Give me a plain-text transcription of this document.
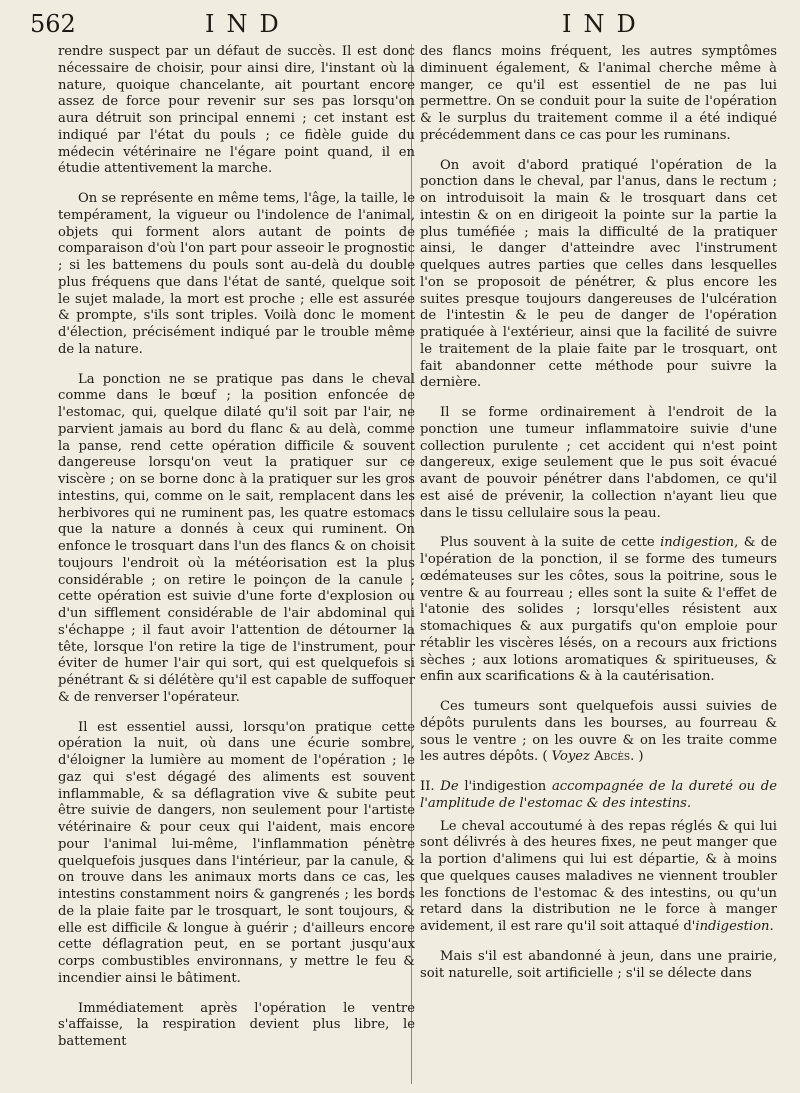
562	IND	IND

rendre suspect par un défaut de succès. Il est donc nécessaire de choisir, pour ainsi dire, l'instant où la nature, quoique chancelante, ait pourtant encore assez de force pour revenir sur ses pas lorsqu'on aura détruit son principal ennemi ; cet instant est indiqué par l'état du pouls ; ce fidèle guide du médecin vétérinaire ne l'égare point quand, il en étudie attentivement la marche.

On se représente en même tems, l'âge, la taille, le tempérament, la vigueur ou l'indolence de l'animal, objets qui forment alors autant de points de comparaison d'où l'on part pour asseoir le prognostic ; si les battemens du pouls sont au-delà du double plus fréquens que dans l'état de santé, quelque soit le sujet malade, la mort est proche ; elle est assurée & prompte, s'ils sont triples. Voilà donc le moment d'élection, précisément indiqué par le trouble même de la nature.

La ponction ne se pratique pas dans le cheval comme dans le bœuf ; la position enfoncée de l'estomac, qui, quelque dilaté qu'il soit par l'air, ne parvient jamais au bord du flanc & au delà, comme la panse, rend cette opération difficile & souvent dangereuse lorsqu'on veut la pratiquer sur ce viscère ; on se borne donc à la pratiquer sur les gros intestins, qui, comme on le sait, remplacent dans les herbivores qui ne ruminent pas, les quatre estomacs que la nature a donnés à ceux qui ruminent. On enfonce le trosquart dans l'un des flancs & on choisit toujours l'endroit où la météorisation est la plus considérable ; on retire le poinçon de la canule ; cette opération est suivie d'une forte d'explosion ou d'un sifflement considérable de l'air abdominal qui s'échappe ; il faut avoir l'attention de détourner la tête, lorsque l'on retire la tige de l'instrument, pour éviter de humer l'air qui sort, qui est quelquefois si pénétrant & si délétère qu'il est capable de suffoquer & de renverser l'opérateur.

Il est essentiel aussi, lorsqu'on pratique cette opération la nuit, où dans une écurie sombre, d'éloigner la lumière au moment de l'opération ; le gaz qui s'est dégagé des aliments est souvent inflammable, & sa déflagration vive & subite peut être suivie de dangers, non seulement pour l'artiste vétérinaire & pour ceux qui l'aident, mais encore pour l'animal lui-même, l'inflammation pénètre quelquefois jusques dans l'intérieur, par la canule, & on trouve dans les animaux morts dans ce cas, les intestins constamment noirs & gangrenés ; les bords de la plaie faite par le trosquart, le sont toujours, & elle est difficile & longue à guérir ; d'ailleurs encore cette déflagration peut, en se portant jusqu'aux corps combustibles environnans, y mettre le feu & incendier ainsi le bâtiment.

Immédiatement après l'opération le ventre s'affaisse, la respiration devient plus libre, le battement

des flancs moins fréquent, les autres symptômes diminuent également, & l'animal cherche même à manger, ce qu'il est essentiel de ne pas lui permettre. On se conduit pour la suite de l'opération & le surplus du traitement comme il a été indiqué précédemment dans ce cas pour les ruminans.

On avoit d'abord pratiqué l'opération de la ponction dans le cheval, par l'anus, dans le rectum ; on introduisoit la main & le trosquart dans cet intestin & on en dirigeoit la pointe sur la partie la plus tuméfiée ; mais la difficulté de la pratiquer ainsi, le danger d'atteindre avec l'instrument quelques autres parties que celles dans lesquelles l'on se proposoit de pénétrer, & plus encore les suites presque toujours dangereuses de l'ulcération de l'intestin & le peu de danger de l'opération pratiquée à l'extérieur, ainsi que la facilité de suivre le traitement de la plaie faite par le trosquart, ont fait abandonner cette méthode pour suivre la dernière.

Il se forme ordinairement à l'endroit de la ponction une tumeur inflammatoire suivie d'une collection purulente ; cet accident qui n'est point dangereux, exige seulement que le pus soit évacué avant de pouvoir pénétrer dans l'abdomen, ce qu'il est aisé de prévenir, la collection n'ayant lieu que dans le tissu cellulaire sous la peau.

Plus souvent à la suite de cette indigestion, & de l'opération de la ponction, il se forme des tumeurs œdémateuses sur les côtes, sous la poitrine, sous le ventre & au fourreau ; elles sont la suite & l'effet de l'atonie des solides ; lorsqu'elles résistent aux stomachiques & aux purgatifs qu'on emploie pour rétablir les viscères lésés, on a recours aux frictions sèches ; aux lotions aromatiques & spiritueuses, & enfin aux scarifications & à la cautérisation.

Ces tumeurs sont quelquefois aussi suivies de dépôts purulents dans les bourses, au fourreau & sous le ventre ; on les ouvre & on les traite comme les autres dépôts. ( Voyez Abcès. )

II. De l'indigestion accompagnée de la dureté ou de l'amplitude de l'estomac & des intestins.

Le cheval accoutumé à des repas réglés & qui lui sont délivrés à des heures fixes, ne peut manger que la portion d'alimens qui lui est départie, & à moins que quelques causes maladives ne viennent troubler les fonctions de l'estomac & des intestins, ou qu'un retard dans la distribution ne le force à manger avidement, il est rare qu'il soit attaqué d'indigestion.

Mais s'il est abandonné à jeun, dans une prairie, soit naturelle, soit artificielle ; s'il se délecte dans
